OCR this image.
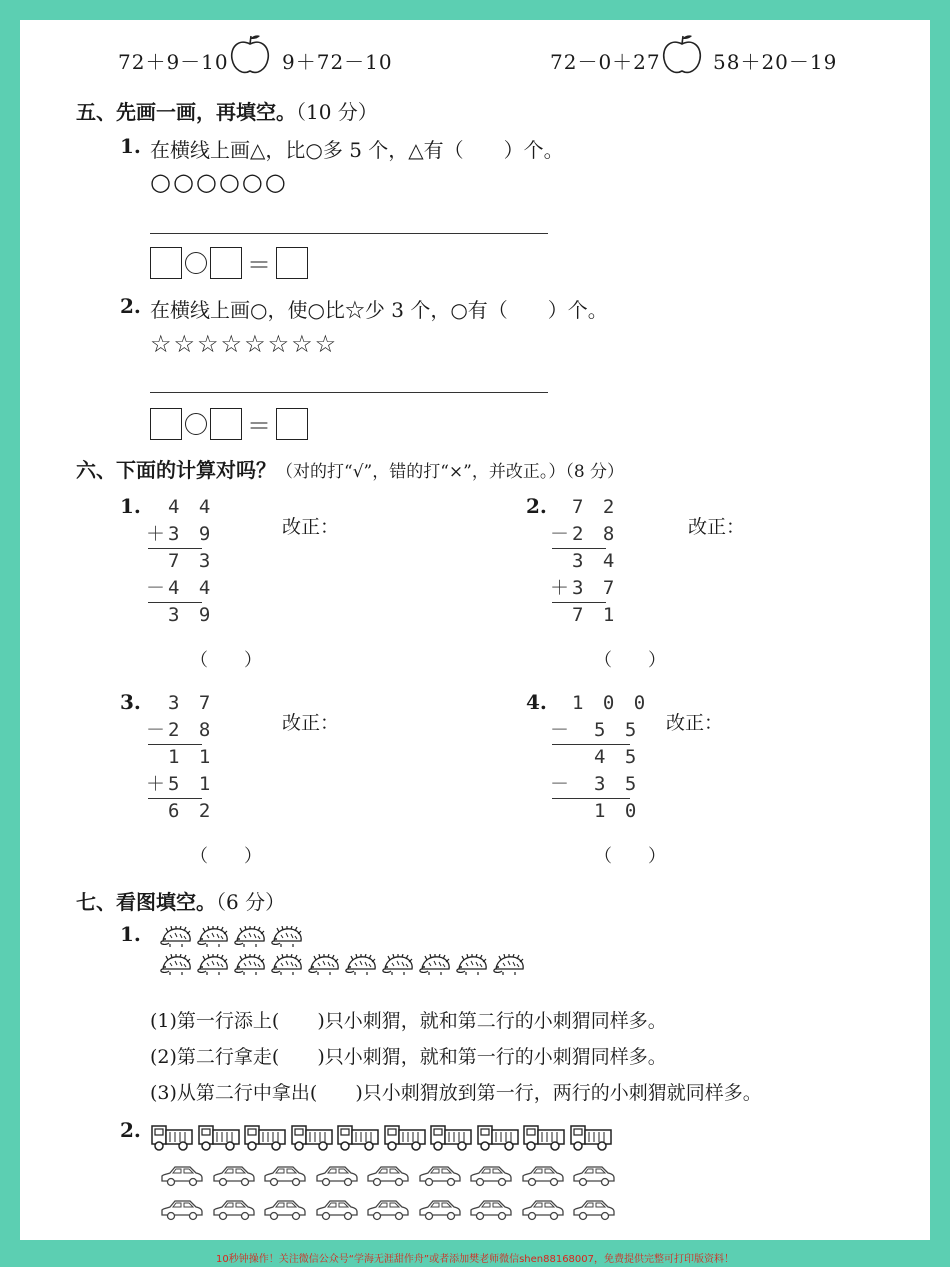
72＋9－10	9＋72－10	72－0＋27	58＋20－19
五、先画一画，再填空。（10 分）
1. 在横线上画△，比○多 5 个，△有（　　）个。
○○○○○○
＝
2. 在横线上画○，使○比☆少 3 个，○有（　　）个。
☆☆☆☆☆☆☆☆
＝
六、下面的计算对吗？（对的打“√”，错的打“×”，并改正。）（8 分）
1.	4 4
＋3 9
7 3
－4 4
3 9
改正：
（　　）
2.	7 2
－2 8
3 4
＋3 7
7 1
改正：
（　　）
3.	3 7
－2 8
1 1
＋5 1
6 2
改正：
（　　）
4.	1 0 0
－ 5 5
4 5
－ 3 5
1 0
改正：
（　　）
七、看图填空。（6 分）
1.
(1)第一行添上(　　)只小刺猬，就和第二行的小刺猬同样多。
(2)第二行拿走(　　)只小刺猬，就和第一行的小刺猬同样多。
(3)从第二行中拿出(　　)只小刺猬放到第一行，两行的小刺猬就同样多。
2.
10秒钟操作！关注微信公众号“学海无涯甜作舟”或者添加樊老师微信shen88168007，免费提供完整可打印版资料！
